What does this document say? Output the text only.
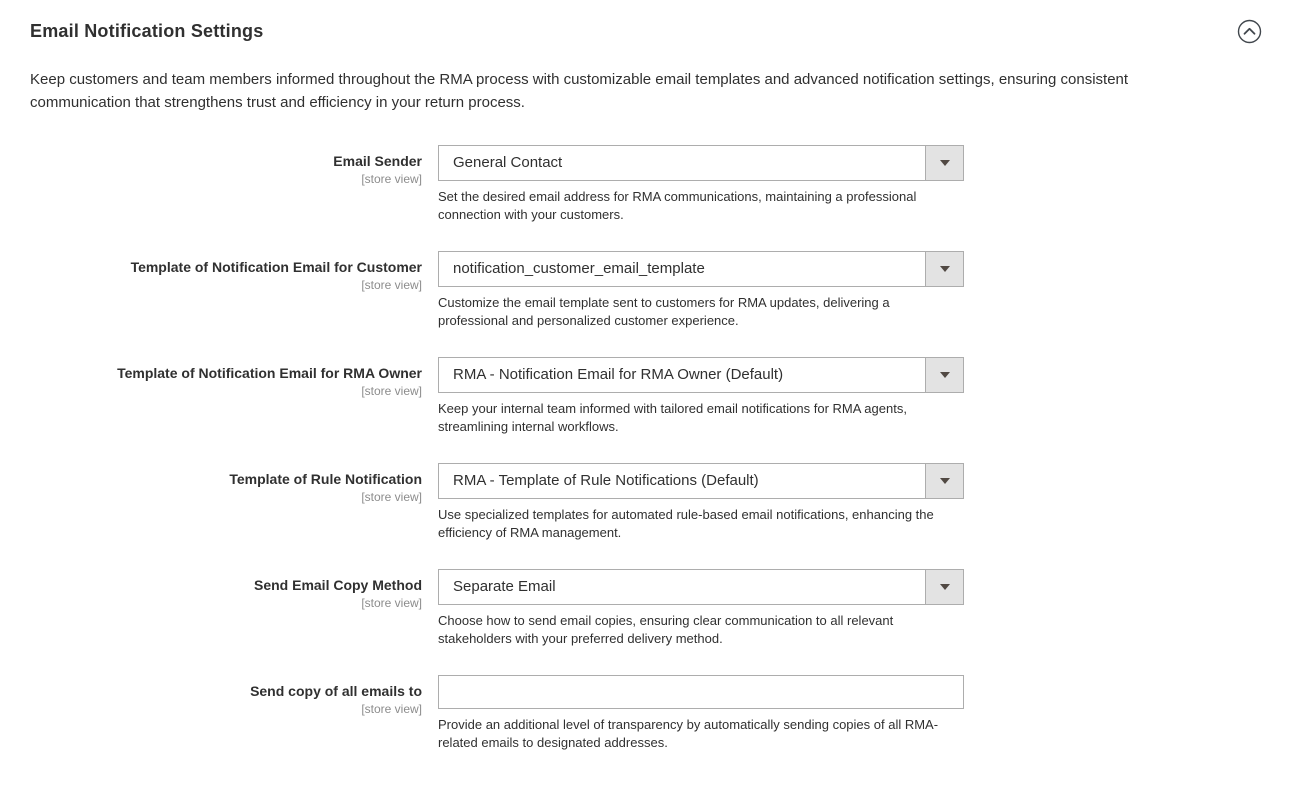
Email Notification Settings

Keep customers and team members informed throughout the RMA process with customizable email templates and advanced notification settings, ensuring consistent communication that strengthens trust and efficiency in your return process.

Email Sender
[store view]
General Contact
Set the desired email address for RMA communications, maintaining a professional connection with your customers.
Template of Notification Email for Customer
[store view]
notification_customer_email_template
Customize the email template sent to customers for RMA updates, delivering a professional and personalized customer experience.
Template of Notification Email for RMA Owner
[store view]
RMA - Notification Email for RMA Owner (Default)
Keep your internal team informed with tailored email notifications for RMA agents, streamlining internal workflows.
Template of Rule Notification
[store view]
RMA - Template of Rule Notifications (Default)
Use specialized templates for automated rule-based email notifications, enhancing the efficiency of RMA management.
Send Email Copy Method
[store view]
Separate Email
Choose how to send email copies, ensuring clear communication to all relevant stakeholders with your preferred delivery method.
Send copy of all emails to
[store view]
Provide an additional level of transparency by automatically sending copies of all RMA-related emails to designated addresses.
